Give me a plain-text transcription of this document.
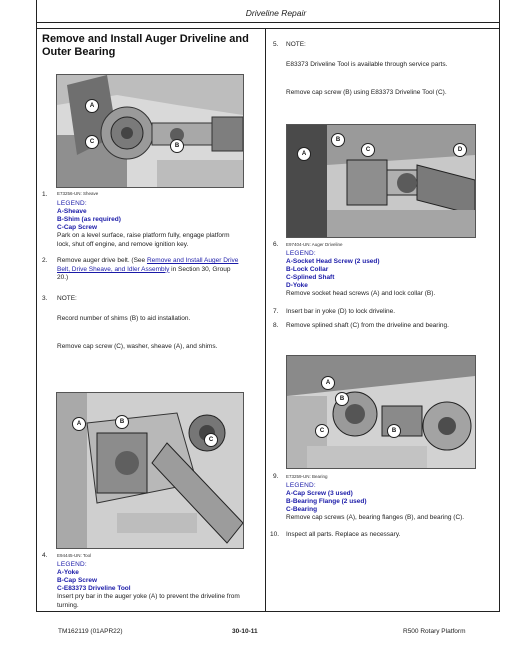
Driveline Repair
Remove and Install Auger Driveline and Outer Bearing
A
B
C
E73256-UN: Sheave
1.
LEGEND:
A-Sheave
B-Shim (as required)
C-Cap Screw
Park on a level surface, raise platform fully, engage platform lock, shut off engine, and remove ignition key.
2. Remove auger drive belt. (See Remove and Install Auger Drive Belt, Drive Sheave, and Idler Assembly in Section 30, Group 20.)
3. NOTE:
Record number of shims (B) to aid installation.
Remove cap screw (C), washer, sheave (A), and shims.
A	B
C
4. E94445-UN: Tool
LEGEND:
A-Yoke
B-Cap Screw
C-E83373 Driveline Tool
Insert pry bar in the auger yoke (A) to prevent the driveline from turning.
5. NOTE:
E83373 Driveline Tool is available through service parts.
Remove cap screw (B) using E83373 Driveline Tool (C).
A
B
C	D
6. E97404-UN: Auger Driveline
LEGEND:
A-Socket Head Screw (2 used)
B-Lock Collar
C-Splined Shaft
D-Yoke
Remove socket head screws (A) and lock collar (B).
7. Insert bar in yoke (D) to lock driveline.
8. Remove splined shaft (C) from the driveline and bearing.
A
B
C	B
9. E73259-UN: Bearing
LEGEND:
A-Cap Screw (3 used)
B-Bearing Flange (2 used)
C-Bearing
Remove cap screws (A), bearing flanges (B), and bearing (C).
10. Inspect all parts. Replace as necessary.
TM162119 (01APR22)	30-10-11	R500 Rotary Platform
